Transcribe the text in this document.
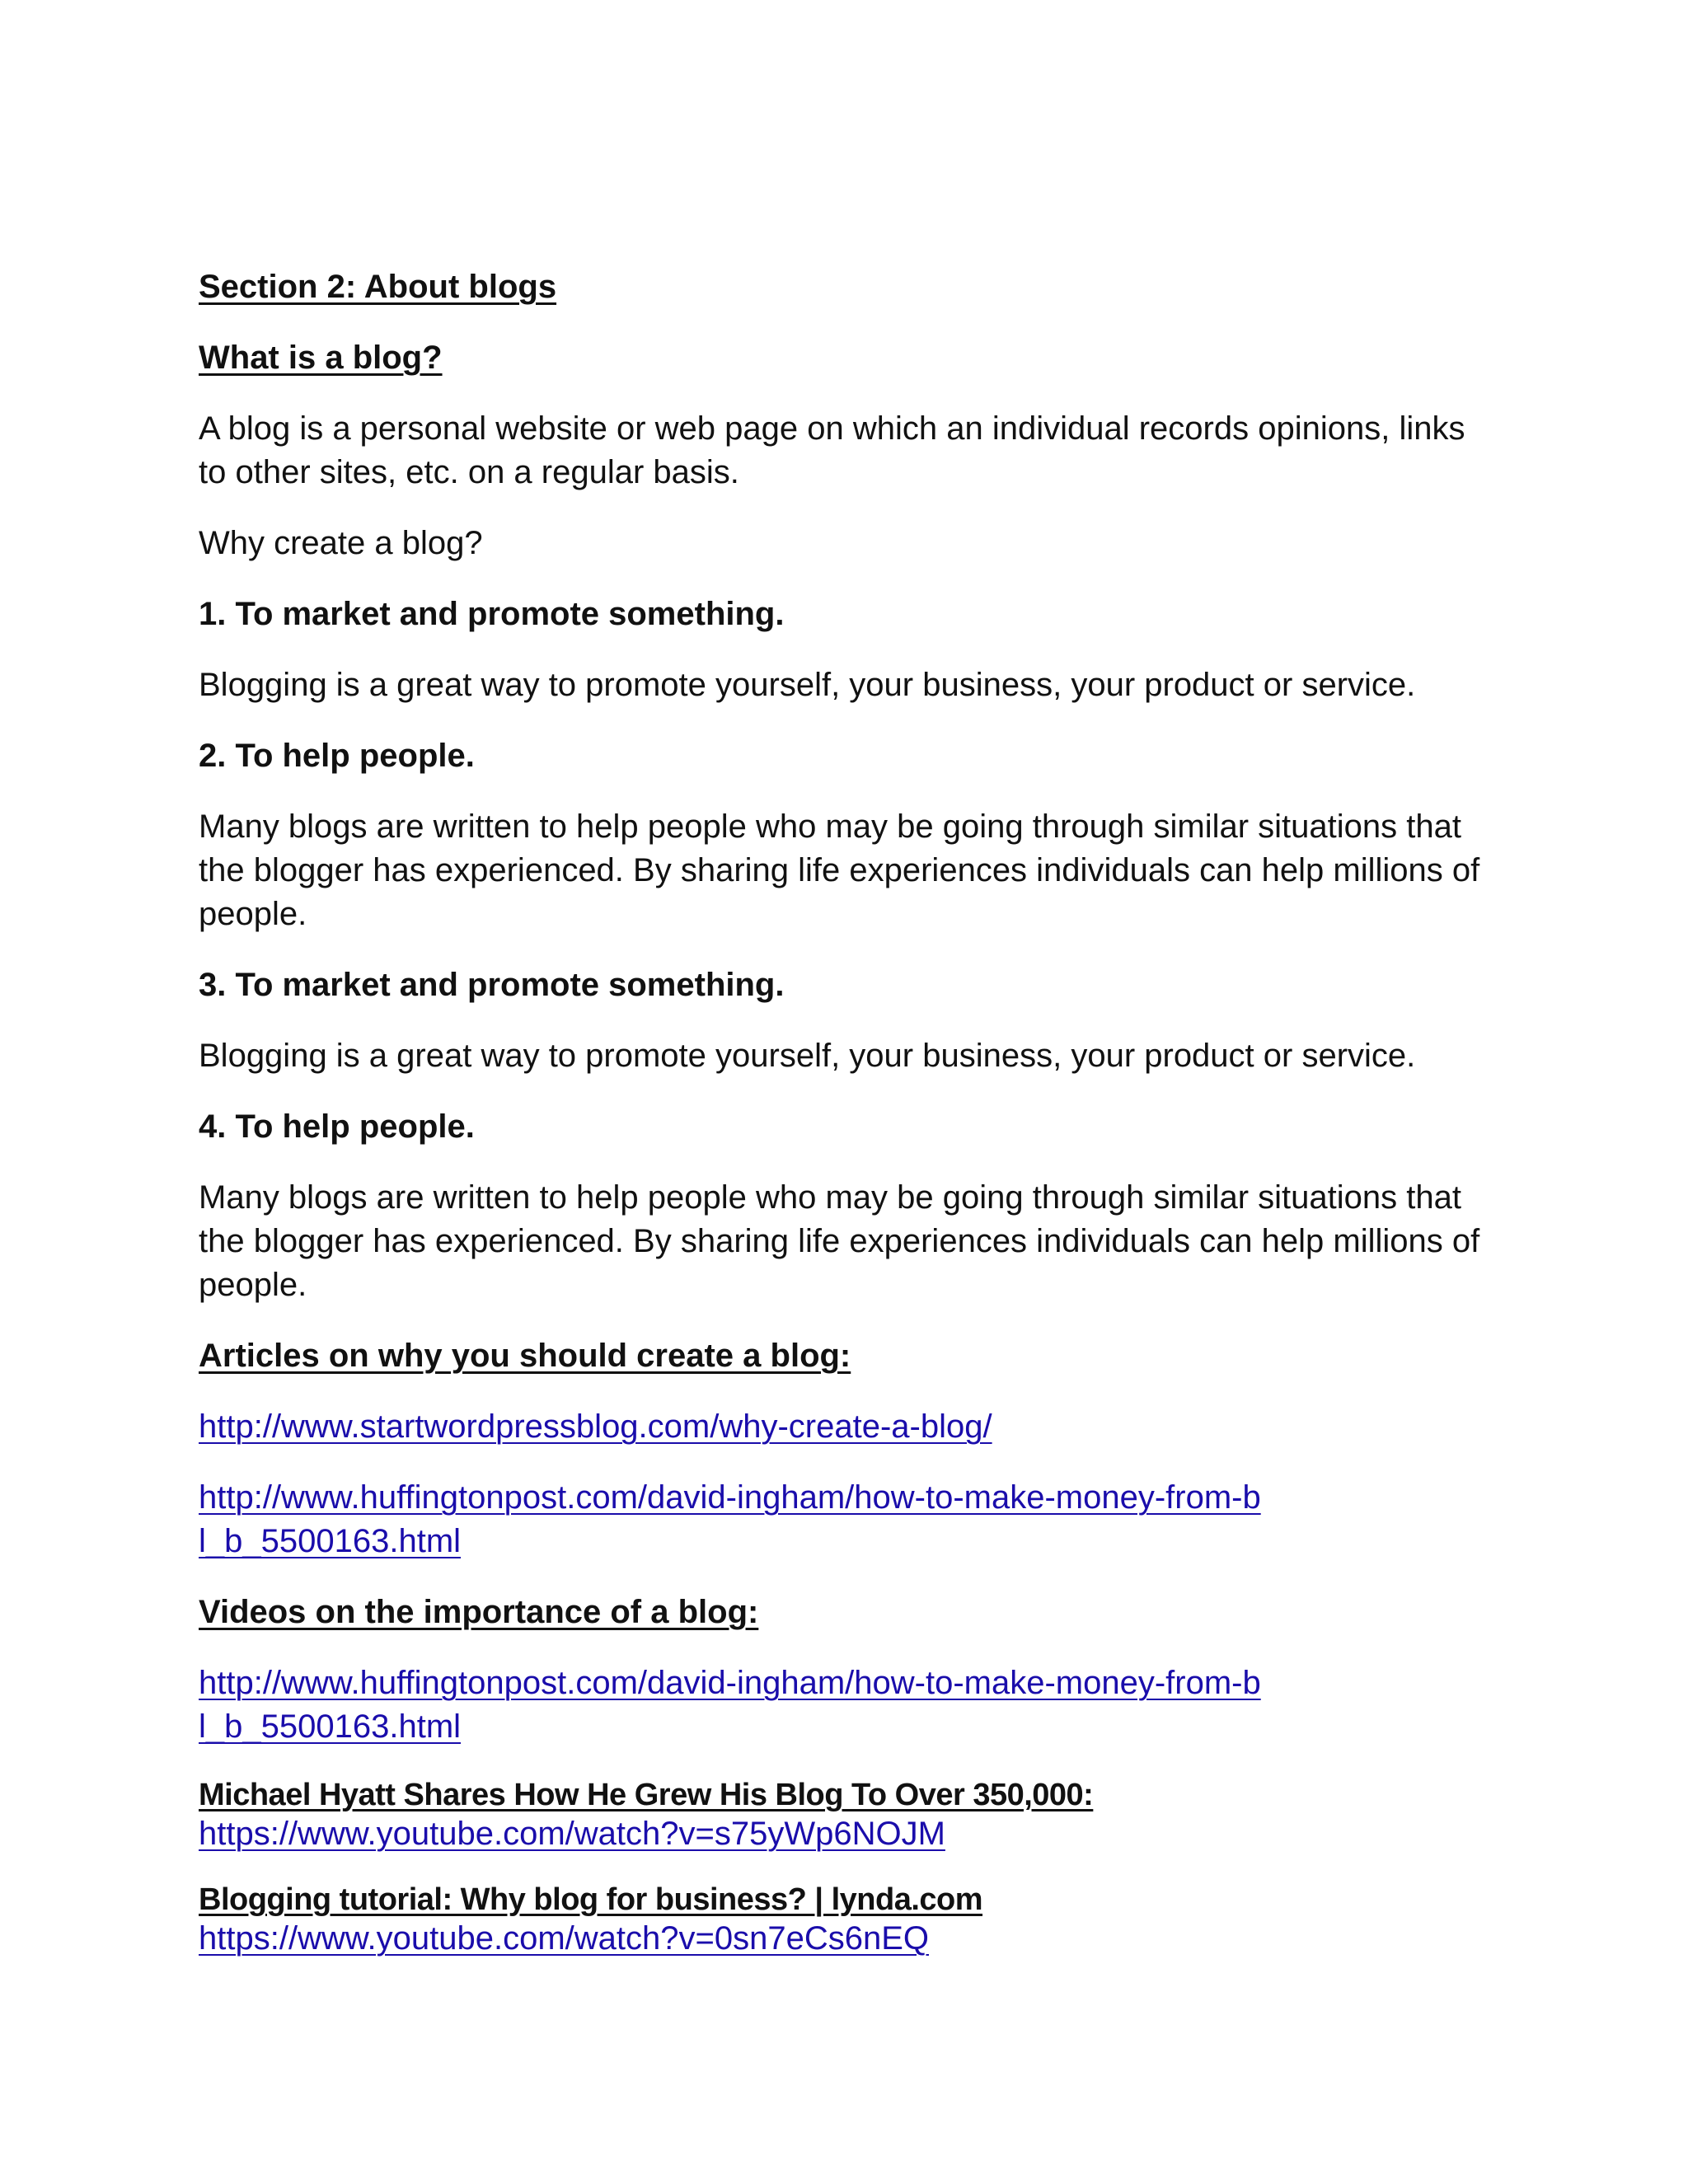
Section 2: About blogs
What is a blog?
A blog is a personal website or web page on which an individual records opinions, links to other sites, etc. on a regular basis.
Why create a blog?
1. To market and promote something.
Blogging is a great way to promote yourself, your business, your product or service.
2. To help people.
Many blogs are written to help people who may be going through similar situations that the blogger has experienced. By sharing life experiences individuals can help millions of people.
3. To market and promote something.
Blogging is a great way to promote yourself, your business, your product or service.
4. To help people.
Many blogs are written to help people who may be going through similar situations that the blogger has experienced. By sharing life experiences individuals can help millions of people.
Articles on why you should create a blog:
http://www.startwordpressblog.com/why-create-a-blog/
http://www.huffingtonpost.com/david-ingham/how-to-make-money-from-bl_b_5500163.html
Videos on the importance of a blog:
http://www.huffingtonpost.com/david-ingham/how-to-make-money-from-bl_b_5500163.html
Michael Hyatt Shares How He Grew His Blog To Over 350,000:
https://www.youtube.com/watch?v=s75yWp6NOJM
Blogging tutorial: Why blog for business? | lynda.com
https://www.youtube.com/watch?v=0sn7eCs6nEQ
